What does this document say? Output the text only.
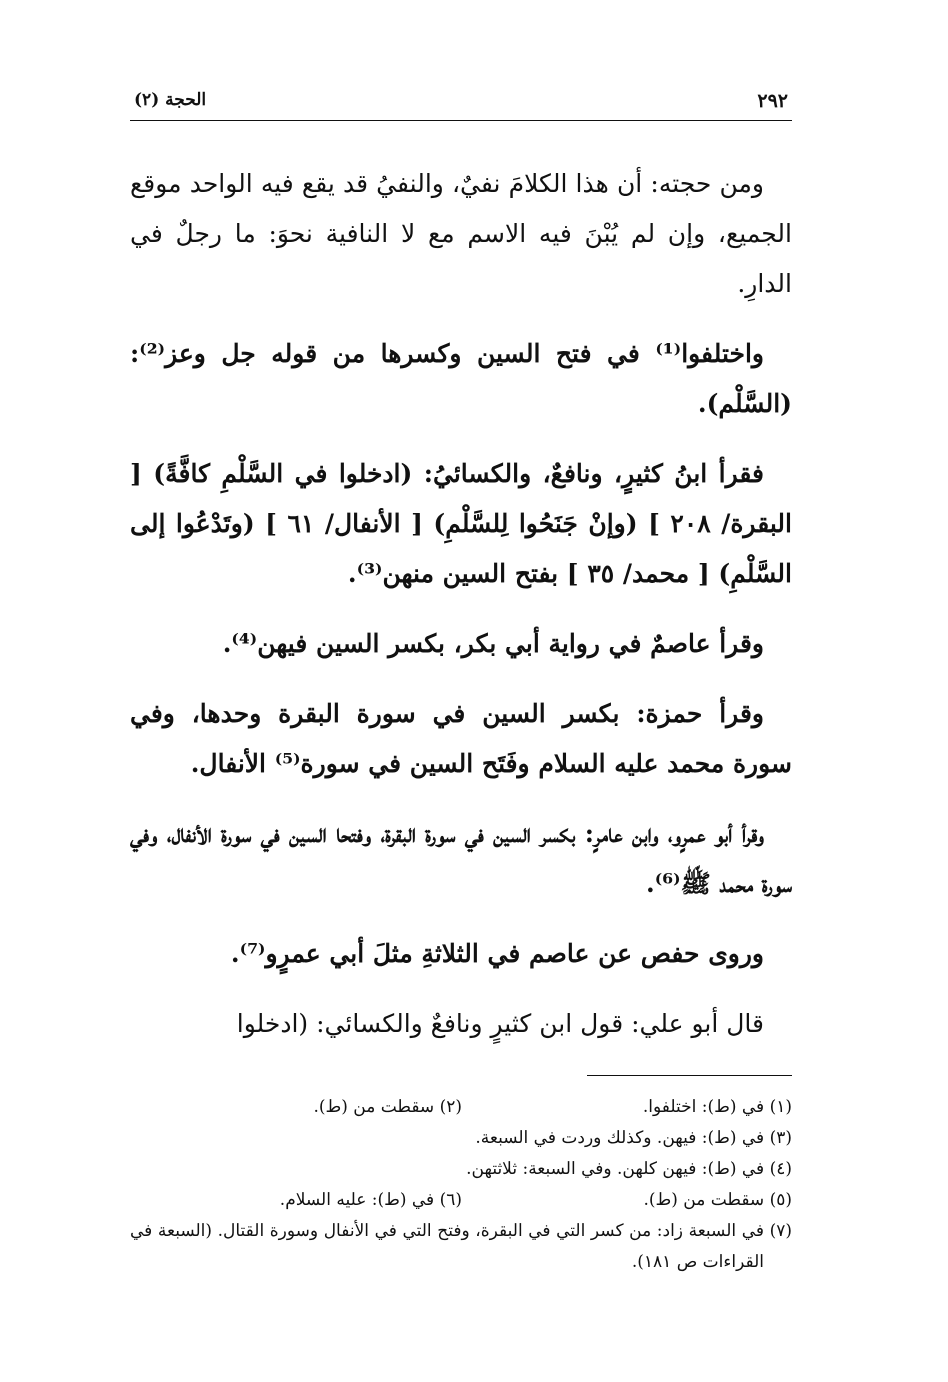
٢٩٢
الحجة (٢)

ومن حجته: أن هذا الكلامَ نفيٌ، والنفيُ قد يقع فيه الواحد موقع الجميع، وإن لم يُبْنَ فيه الاسم مع لا النافية نحوَ: ما رجلٌ في الدارِ.

واختلفوا⁽¹⁾ في فتح السين وكسرها من قوله جل وعز⁽²⁾: (السَّلْم).

فقرأ ابنُ كثيرٍ، ونافعٌ، والكسائيُ: (ادخلوا في السَّلْمِ كافَّةً) [ البقرة/ ٢٠٨ ] (وإنْ جَنَحُوا لِلسَّلْمِ) [ الأنفال/ ٦١ ] (وتَدْعُوا إلى السَّلْمِ) [ محمد/ ٣٥ ] بفتح السين منهن⁽³⁾.

وقرأ عاصمٌ في رواية أبي بكر، بكسر السين فيهن⁽⁴⁾.

وقرأ حمزة: بكسر السين في سورة البقرة وحدها، وفي سورة محمد عليه السلام وفَتَح السين في سورة⁽⁵⁾ الأنفال.

وقرأ أبو عمرٍو، وابن عامرٍ: بكسر السين في سورة البقرة، وفتحا السين في سورة الأنفال، وفي سورة محمد ﷺ⁽⁶⁾.

وروى حفص عن عاصم في الثلاثةِ مثلَ أبي عمرٍو⁽⁷⁾.

قال أبو علي: قول ابن كثيرٍ ونافعٌ والكسائي: (ادخلوا

(١) في (ط): اختلفوا.
(٢) سقطت من (ط).
(٣) في (ط): فيهن. وكذلك وردت في السبعة.
(٤) في (ط): فيهن كلهن. وفي السبعة: ثلاثتهن.
(٥) سقطت من (ط).
(٦) في (ط): عليه السلام.
(٧) في السبعة زاد: من كسر التي في البقرة، وفتح التي في الأنفال وسورة القتال. (السبعة في القراءات ص ١٨١).
